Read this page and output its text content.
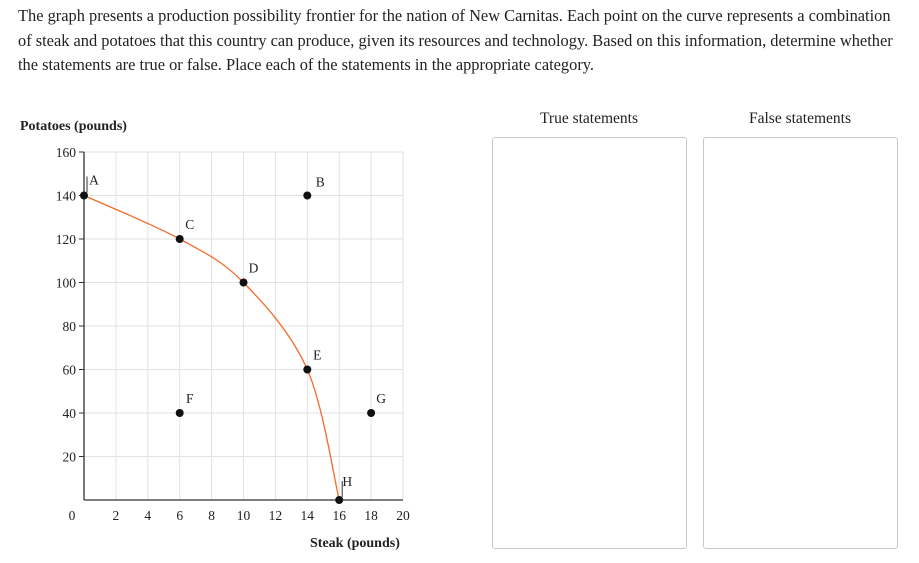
The graph presents a production possibility frontier for the nation of New Carnitas. Each point on the curve represents a combination of steak and potatoes that this country can produce, given its resources and technology. Based on this information, determine whether the statements are true or false. Place each of the statements in the appropriate category.

A	B
C
D
E
F	G
H
2 4 6 8 10 12 14 16 18 20
0
20
40
60
80
100
120
140
160
Potatoes (pounds)
Steak (pounds)
True statements	False statements
